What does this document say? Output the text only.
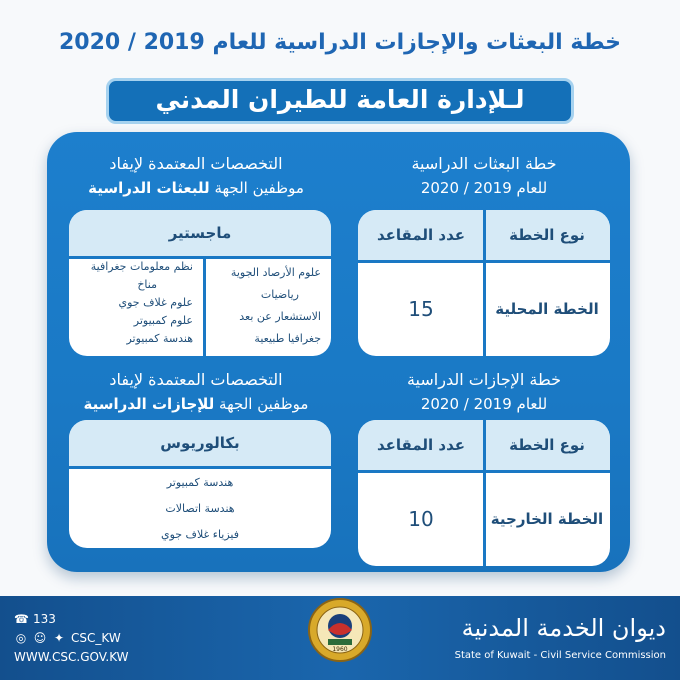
خطة البعثات والإجازات الدراسية للعام 2019 / 2020
لـلإدارة العامة للطيران المدني
خطة البعثات الدراسية
للعام 2019 / 2020
التخصصات المعتمدة لإيفاد
موظفين الجهة للبعثات الدراسية
خطة الإجازات الدراسية
للعام 2019 / 2020
التخصصات المعتمدة لإيفاد
موظفين الجهة للإجازات الدراسية
نوع الخطة
عدد المقاعد
الخطة المحلية
15
نوع الخطة
عدد المقاعد
الخطة الخارجية
10
ماجستير
علوم الأرصاد الجوية
رياضيات
الاستشعار عن بعد
جغرافيا طبيعية
نظم معلومات جغرافية
مناخ
علوم غلاف جوي
علوم كمبيوتر
هندسة كمبيوتر
بكالوريوس
هندسة كمبيوتر
هندسة اتصالات
فيزياء غلاف جوي
☎ 133
◎ ☺ ✦ CSC_KW
WWW.CSC.GOV.KW
ديوان الخدمة المدنية
State of Kuwait - Civil Service Commission
1960
